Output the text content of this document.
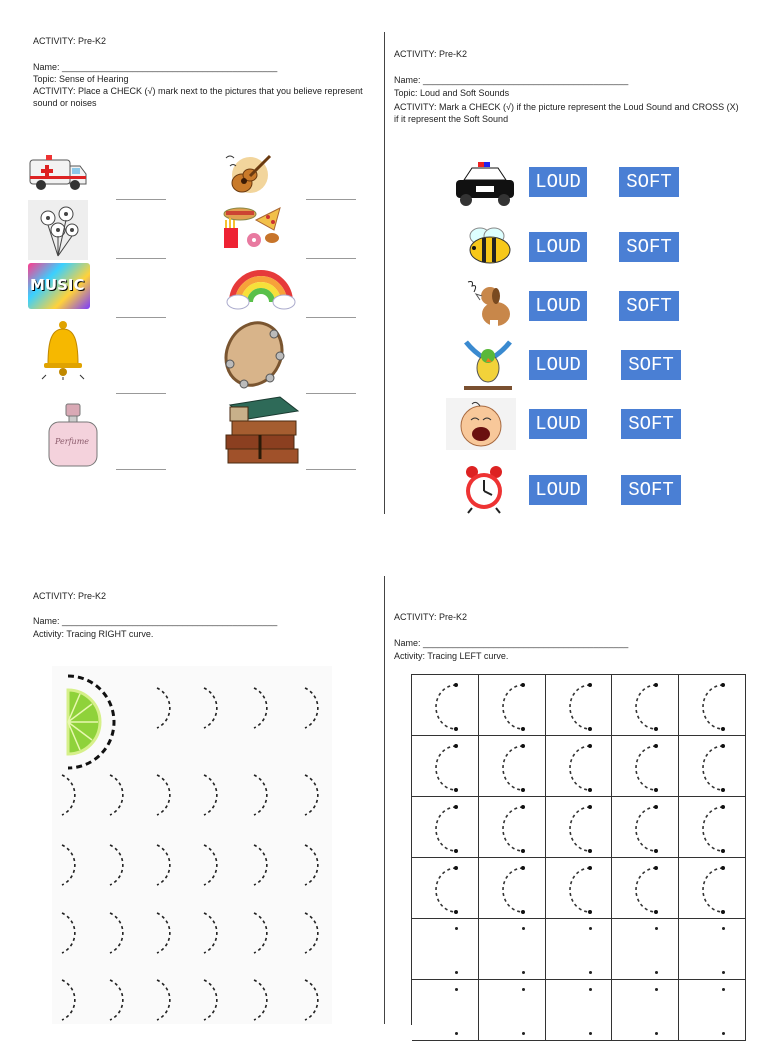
ACTIVITY: Pre-K2
Name: ___________________________________________
Topic: Sense of Hearing
ACTIVITY: Place a CHECK (√) mark next to the pictures that you believe represent sound or noises
MUSIC
Perfume
ACTIVITY: Pre-K2
Name: _________________________________________
Topic: Loud and Soft Sounds
ACTIVITY: Mark a CHECK (√) if the picture represent the Loud Sound and CROSS (X) if it represent the Soft Sound
LOUD	SOFT
LOUD	SOFT
LOUD	SOFT
LOUD	SOFT
LOUD	SOFT
LOUD	SOFT
ACTIVITY: Pre-K2
Name: ___________________________________________
Activity: Tracing RIGHT curve.
ACTIVITY: Pre-K2
Name: _________________________________________
Activity: Tracing LEFT curve.
